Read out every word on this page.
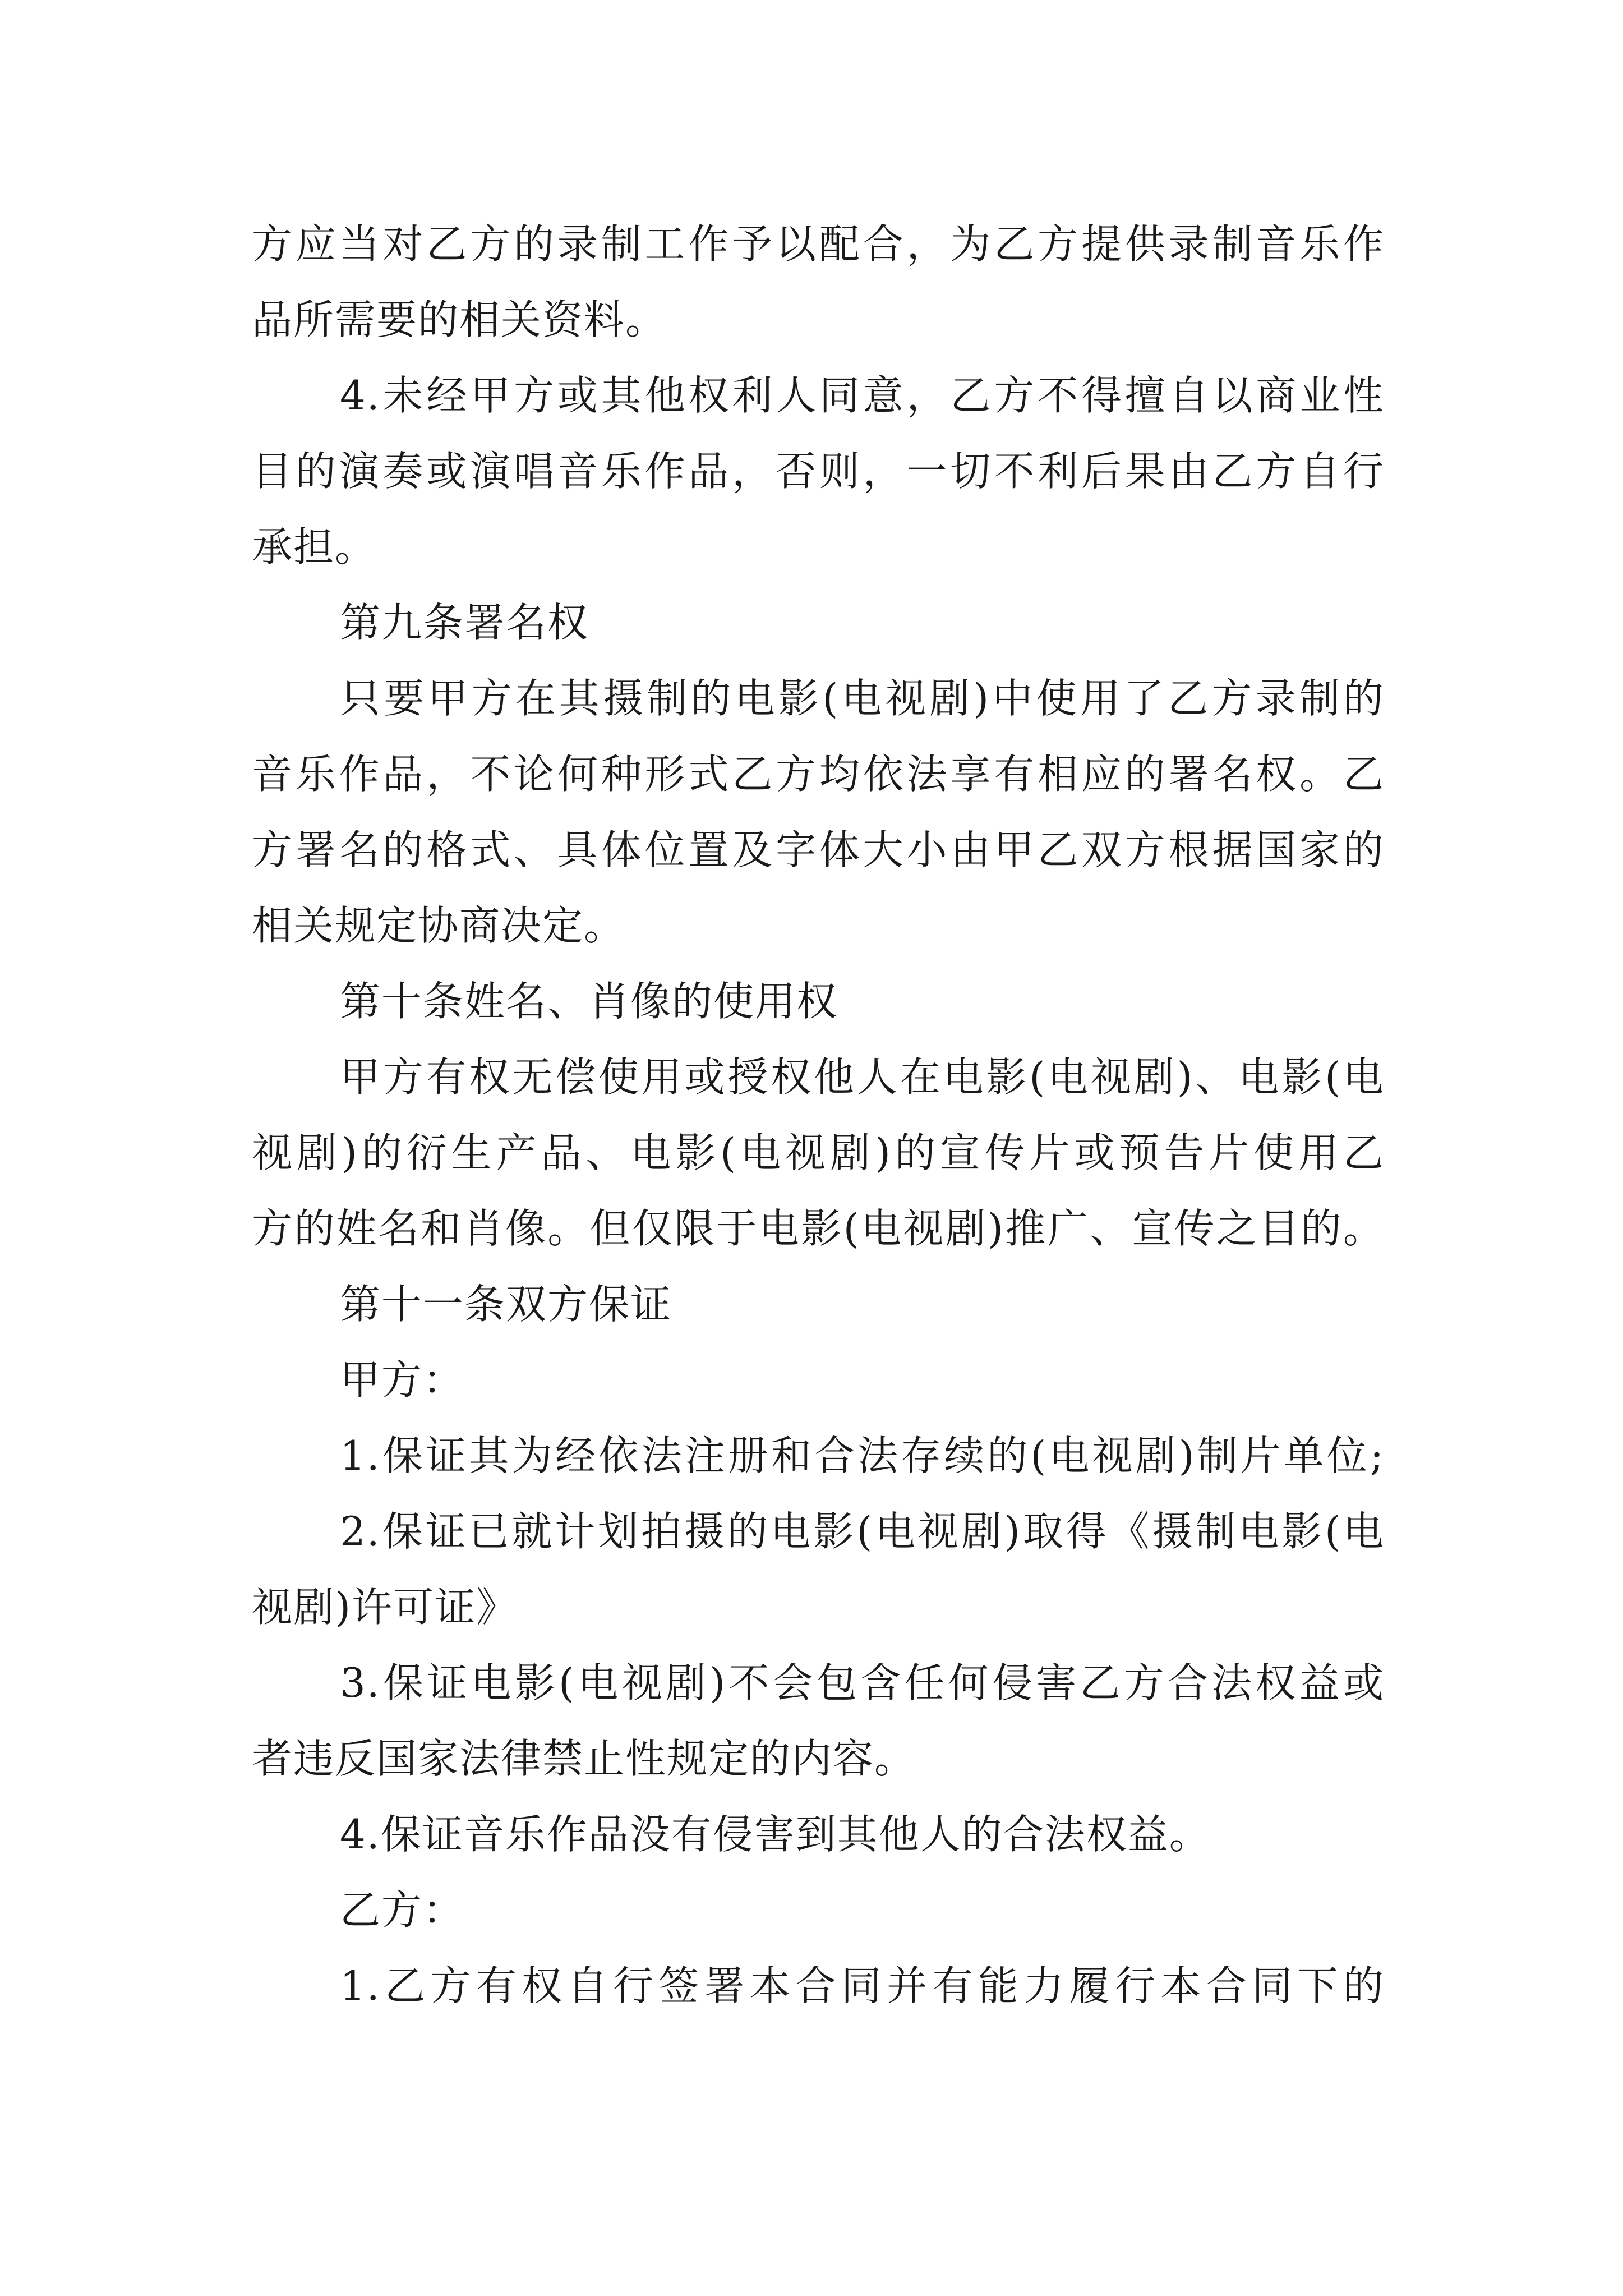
方应当对乙方的录制工作予以配合，为乙方提供录制音乐作
品所需要的相关资料。
4.未经甲方或其他权利人同意，乙方不得擅自以商业性
目的演奏或演唱音乐作品，否则，一切不利后果由乙方自行
承担。
第九条署名权
只要甲方在其摄制的电影(电视剧)中使用了乙方录制的
音乐作品，不论何种形式乙方均依法享有相应的署名权。乙
方署名的格式、具体位置及字体大小由甲乙双方根据国家的
相关规定协商决定。
第十条姓名、肖像的使用权
甲方有权无偿使用或授权他人在电影(电视剧)、电影(电
视剧)的衍生产品、电影(电视剧)的宣传片或预告片使用乙
方的姓名和肖像。但仅限于电影(电视剧)推广、宣传之目的。
第十一条双方保证
甲方：
1.保证其为经依法注册和合法存续的(电视剧)制片单位;
2.保证已就计划拍摄的电影(电视剧)取得《摄制电影(电
视剧)许可证》
3.保证电影(电视剧)不会包含任何侵害乙方合法权益或
者违反国家法律禁止性规定的内容。
4.保证音乐作品没有侵害到其他人的合法权益。
乙方：
1.乙方有权自行签署本合同并有能力履行本合同下的
